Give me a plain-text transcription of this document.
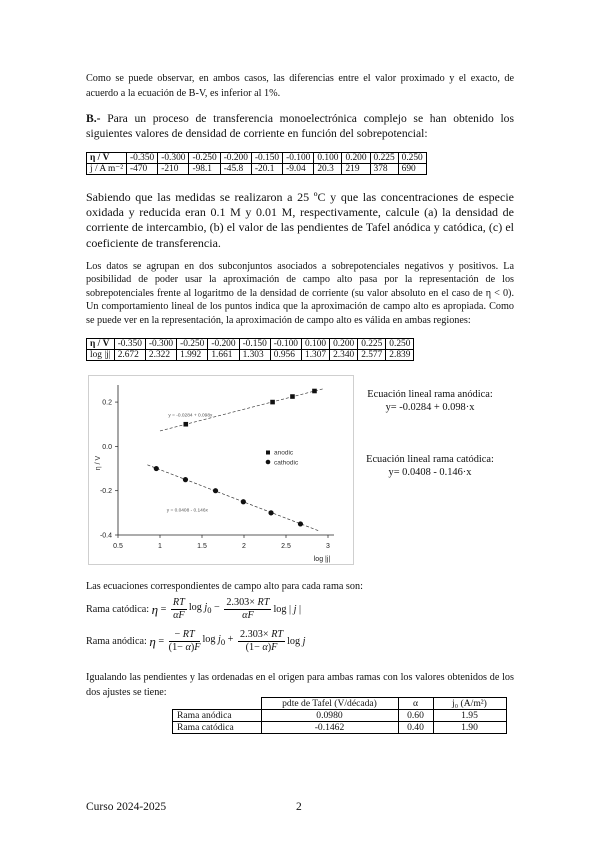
Como se puede observar, en ambos casos, las diferencias entre el valor proximado y el exacto, de acuerdo a la ecuación de B-V, es inferior al 1%.
B.- Para un proceso de transferencia monoelectrónica complejo se han obtenido los siguientes valores de densidad de corriente en función del sobrepotencial:
η / V	-0.350	-0.300	-0.250	-0.200	-0.150	-0.100	0.100	0.200	0.225	0.250
j / A m⁻²	-470	-210	-98.1	-45.8	-20.1	-9.04	20.3	219	378	690
Sabiendo que las medidas se realizaron a 25 ºC y que las concentraciones de especie oxidada y reducida eran 0.1 M y 0.01 M, respectivamente, calcule (a) la densidad de corriente de intercambio, (b) el valor de las pendientes de Tafel anódica y catódica, (c) el coeficiente de transferencia.
Los datos se agrupan en dos subconjuntos asociados a sobrepotenciales negativos y positivos. La posibilidad de poder usar la aproximación de campo alto pasa por la representación de los sobrepotenciales frente al logaritmo de la densidad de corriente (su valor absoluto en el caso de η < 0). Un comportamiento lineal de los puntos indica que la aproximación de campo alto es apropiada. Como se puede ver en la representación, la aproximación de campo alto es válida en ambas regiones:
η / V	-0.350	-0.300	-0.250	-0.200	-0.150	-0.100	0.100	0.200	0.225	0.250
log |j|	2.672	2.322	1.992	1.661	1.303	0.956	1.307	2.340	2.577	2.839
0.5	1	1.5	2	2.5	3
0.2
0.0
-0.2
-0.4
log |j|
η / V
y = -0.0284 + 0.098x
y = 0.0408 - 0.146x
anodic
cathodic
Ecuación lineal rama anódica:
y= -0.0284 + 0.098·x
Ecuación lineal rama catódica:
y= 0.0408 - 0.146·x
Las ecuaciones correspondientes de campo alto para cada rama son:
Rama catódica:
$\eta = \frac{RT}{\alpha F}$ $\log j_0 - \frac{2.303\times RT}{\alpha F}$ log | j |
Rama anódica:
$\eta = \frac{- RT}{(1- \alpha)F}$ $\log j_0 + \frac{2.303\times RT}{(1- \alpha)F}$ log j
Igualando las pendientes y las ordenadas en el origen para ambas ramas con los valores obtenidos de los dos ajustes se tiene:
	pdte de Tafel (V/década)	α	j₀ (A/m²)
Rama anódica	0.0980	0.60	1.95
Rama catódica	-0.1462	0.40	1.90
Curso 2024-2025	2
